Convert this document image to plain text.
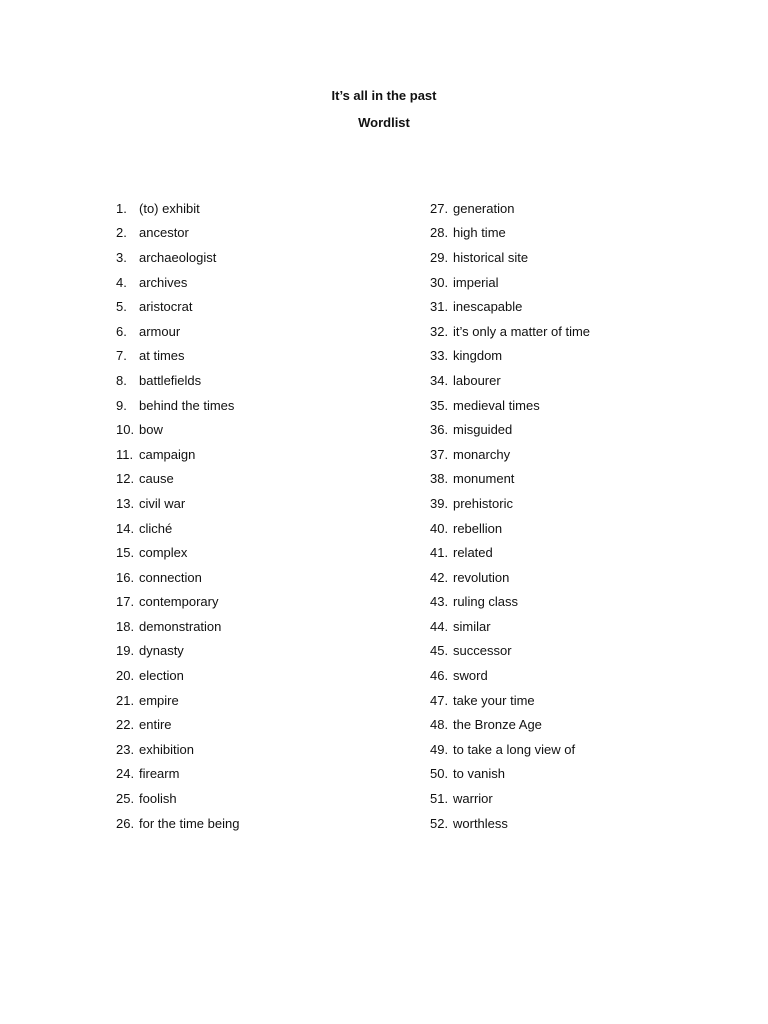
It’s all in the past
Wordlist
1. (to) exhibit
2. ancestor
3. archaeologist
4. archives
5. aristocrat
6. armour
7. at times
8. battlefields
9. behind the times
10. bow
11. campaign
12. cause
13. civil war
14. cliché
15. complex
16. connection
17. contemporary
18. demonstration
19. dynasty
20. election
21. empire
22. entire
23. exhibition
24. firearm
25. foolish
26. for the time being
27. generation
28. high time
29. historical site
30. imperial
31. inescapable
32. it’s only a matter of time
33. kingdom
34. labourer
35. medieval times
36. misguided
37. monarchy
38. monument
39. prehistoric
40. rebellion
41. related
42. revolution
43. ruling class
44. similar
45. successor
46. sword
47. take your time
48. the Bronze Age
49. to take a long view of
50. to vanish
51. warrior
52. worthless
